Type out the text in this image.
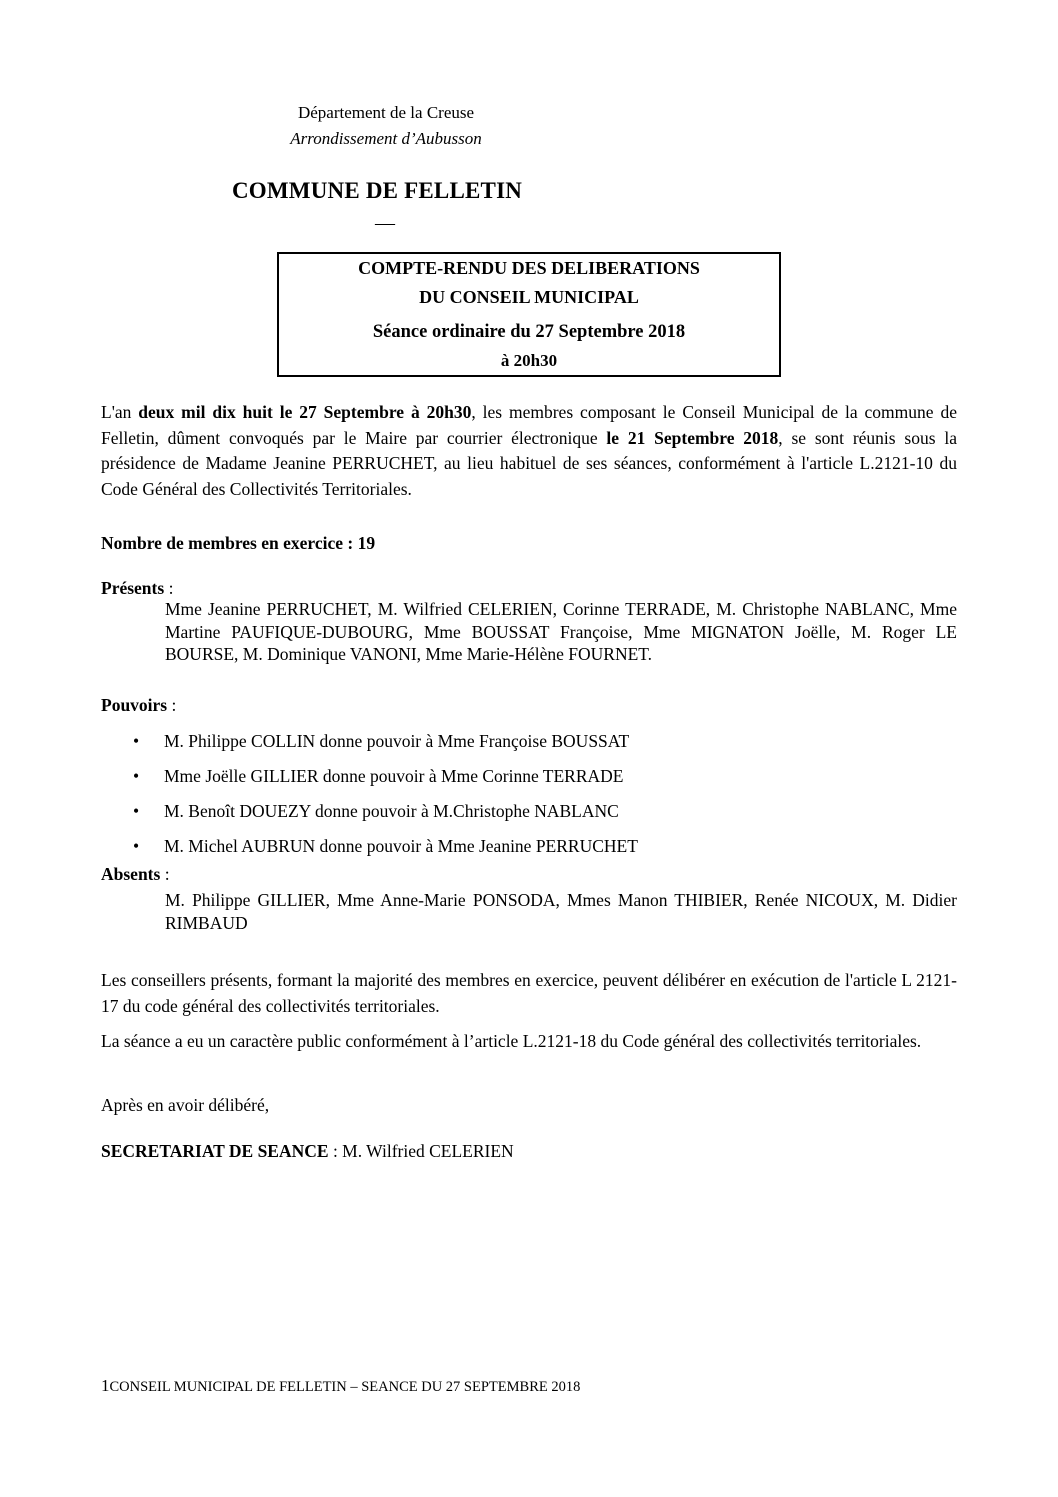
Département de la Creuse
Arrondissement d’Aubusson
COMMUNE DE FELLETIN
—
COMPTE-RENDU DES DELIBERATIONS
DU CONSEIL MUNICIPAL
Séance ordinaire du 27 Septembre 2018
à 20h30
L'an deux mil dix huit le 27 Septembre à 20h30, les membres composant le Conseil Municipal de la commune de Felletin, dûment convoqués par le Maire par courrier électronique le 21 Septembre 2018, se sont réunis sous la présidence de Madame Jeanine PERRUCHET, au lieu habituel de ses séances, conformément à l'article L.2121-10 du Code Général des Collectivités Territoriales.
Nombre de membres en exercice : 19
Présents :
Mme Jeanine PERRUCHET, M. Wilfried CELERIEN, Corinne TERRADE, M. Christophe NABLANC, Mme Martine PAUFIQUE-DUBOURG, Mme BOUSSAT Françoise, Mme MIGNATON Joëlle, M. Roger LE BOURSE, M. Dominique VANONI, Mme Marie-Hélène FOURNET.
Pouvoirs :
• M. Philippe COLLIN donne pouvoir à Mme Françoise BOUSSAT
• Mme Joëlle GILLIER donne pouvoir à Mme Corinne TERRADE
• M. Benoît DOUEZY donne pouvoir à M.Christophe NABLANC
• M. Michel AUBRUN donne pouvoir à Mme Jeanine PERRUCHET
Absents :
M. Philippe GILLIER, Mme Anne-Marie PONSODA, Mmes Manon THIBIER, Renée NICOUX, M. Didier RIMBAUD
Les conseillers présents, formant la majorité des membres en exercice, peuvent délibérer en exécution de l'article L 2121-17 du code général des collectivités territoriales.
La séance a eu un caractère public conformément à l’article L.2121-18 du Code général des collectivités territoriales.
Après en avoir délibéré,
SECRETARIAT DE SEANCE : M. Wilfried CELERIEN
1CONSEIL MUNICIPAL DE FELLETIN – SEANCE DU 27 SEPTEMBRE 2018
